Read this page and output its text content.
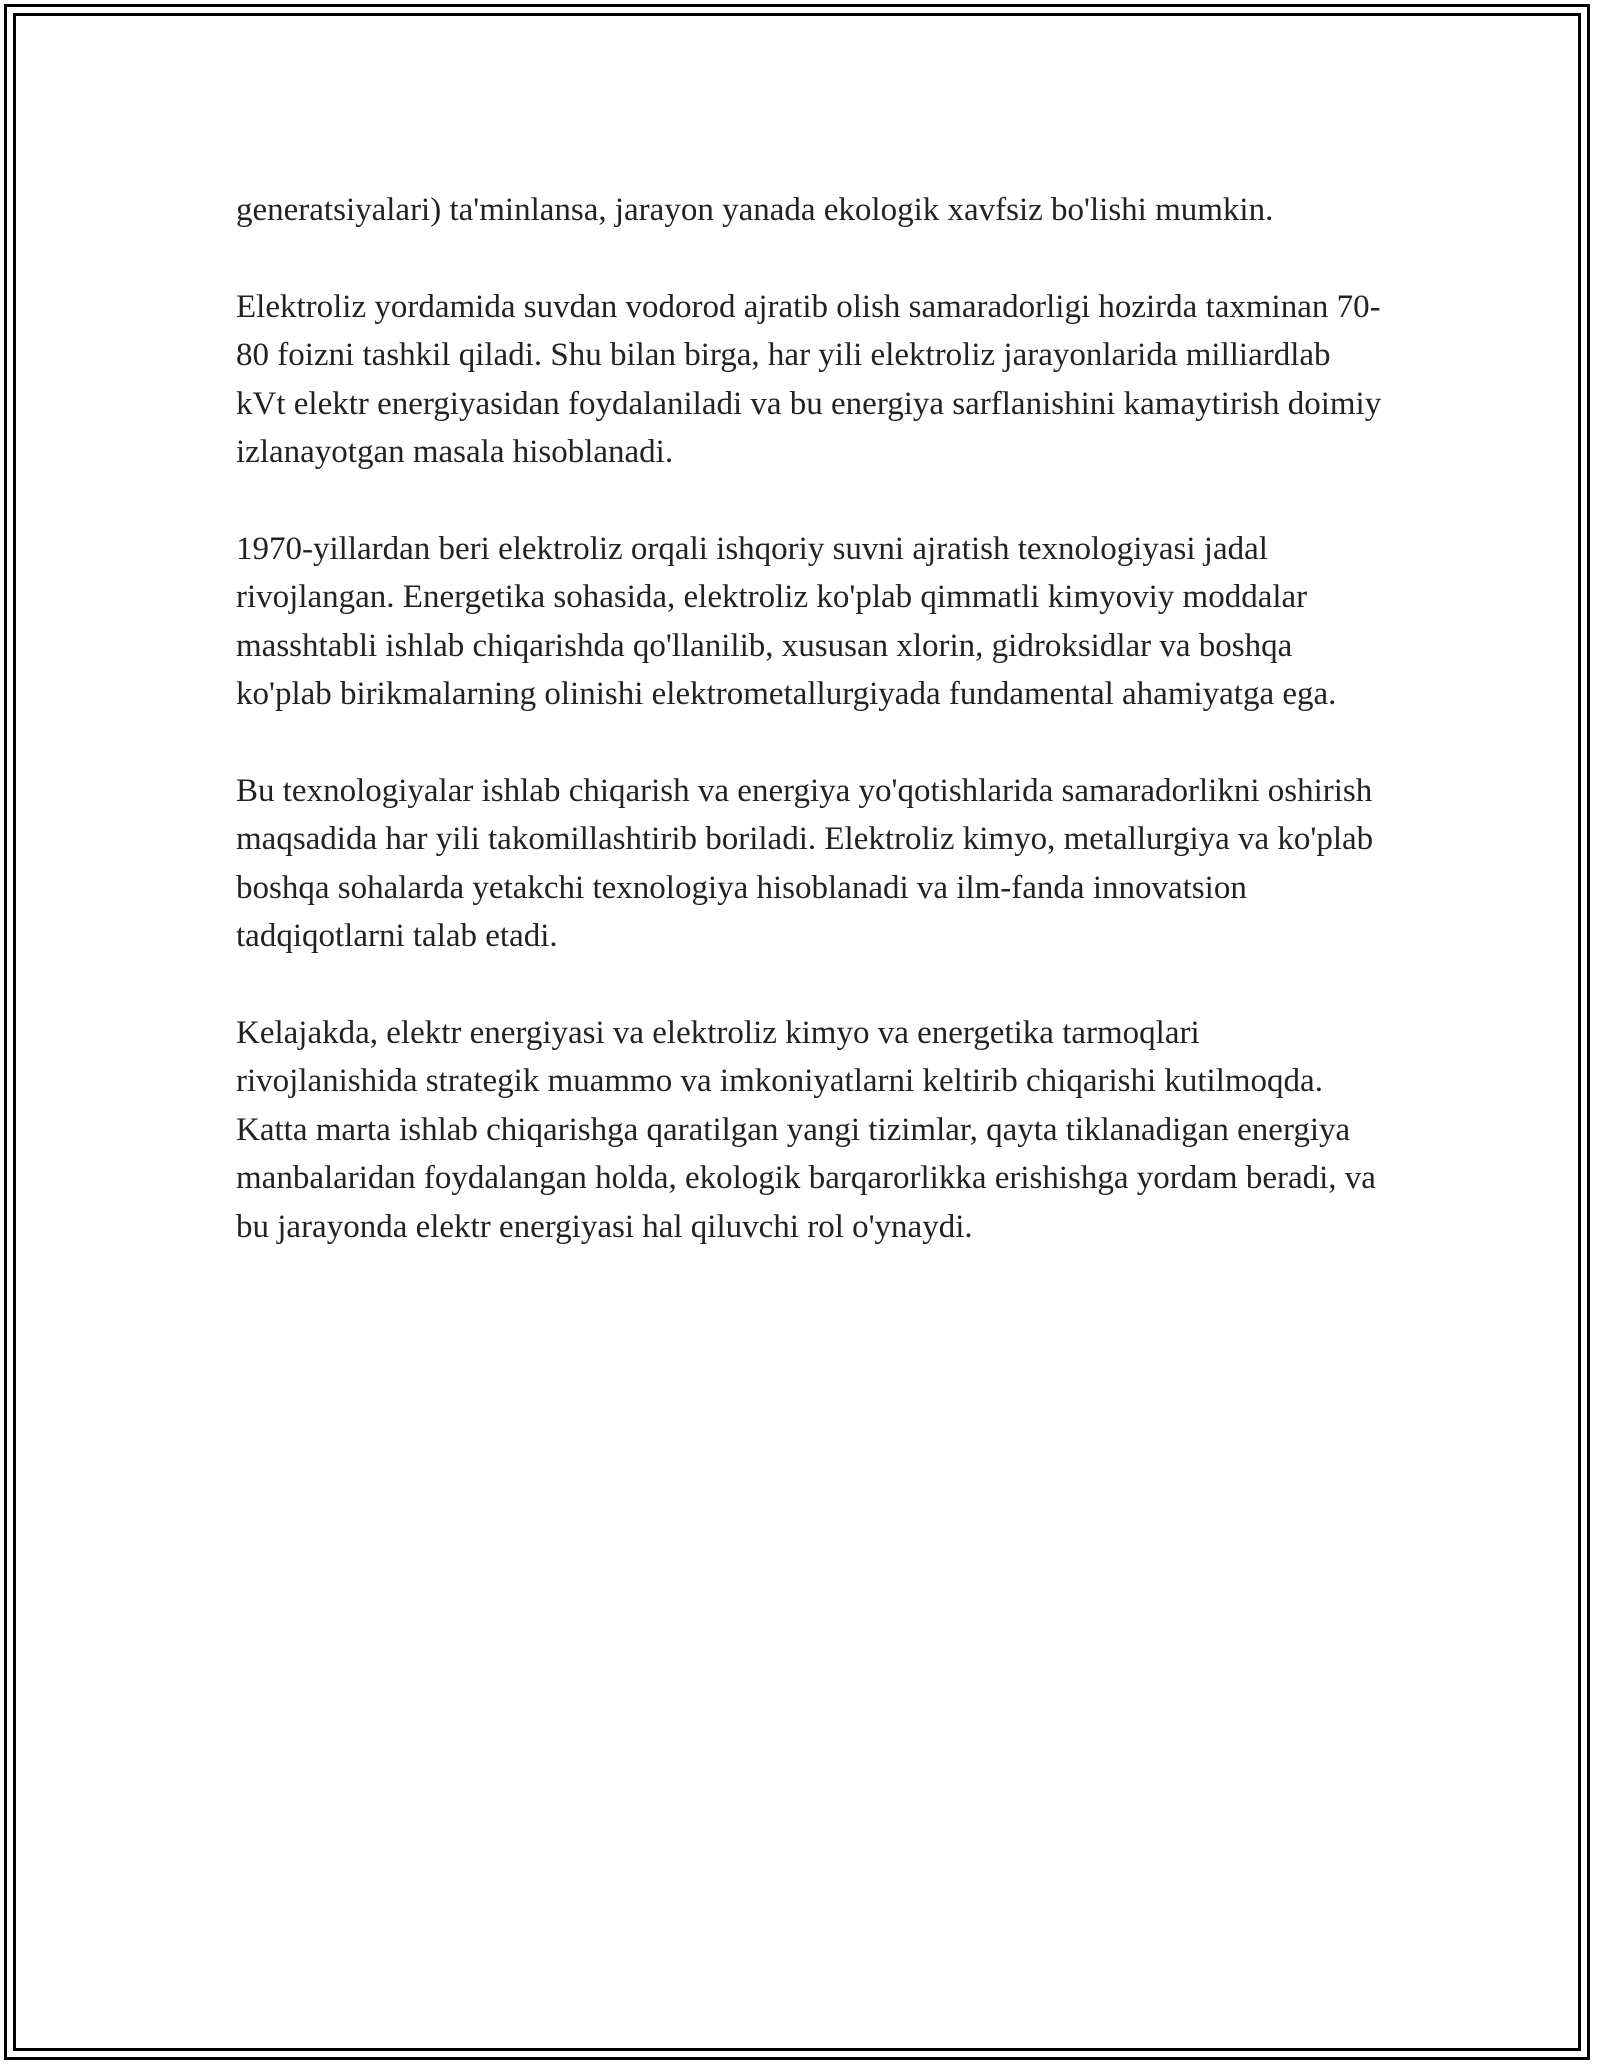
generatsiyalari) ta'minlansa, jarayon yanada ekologik xavfsiz bo'lishi mumkin.

Elektroliz yordamida suvdan vodorod ajratib olish samaradorligi hozirda taxminan 70-80 foizni tashkil qiladi. Shu bilan birga, har yili elektroliz jarayonlarida milliardlab kVt elektr energiyasidan foydalaniladi va bu energiya sarflanishini kamaytirish doimiy izlanayotgan masala hisoblanadi.

1970-yillardan beri elektroliz orqali ishqoriy suvni ajratish texnologiyasi jadal rivojlangan. Energetika sohasida, elektroliz ko'plab qimmatli kimyoviy moddalar masshtabli ishlab chiqarishda qo'llanilib, xususan xlorin, gidroksidlar va boshqa ko'plab birikmalarning olinishi elektrometallurgiyada fundamental ahamiyatga ega.

Bu texnologiyalar ishlab chiqarish va energiya yo'qotishlarida samaradorlikni oshirish maqsadida har yili takomillashtirib boriladi. Elektroliz kimyo, metallurgiya va ko'plab boshqa sohalarda yetakchi texnologiya hisoblanadi va ilm-fanda innovatsion tadqiqotlarni talab etadi.

Kelajakda, elektr energiyasi va elektroliz kimyo va energetika tarmoqlari rivojlanishida strategik muammo va imkoniyatlarni keltirib chiqarishi kutilmoqda. Katta marta ishlab chiqarishga qaratilgan yangi tizimlar, qayta tiklanadigan energiya manbalaridan foydalangan holda, ekologik barqarorlikka erishishga yordam beradi, va bu jarayonda elektr energiyasi hal qiluvchi rol o'ynaydi.
